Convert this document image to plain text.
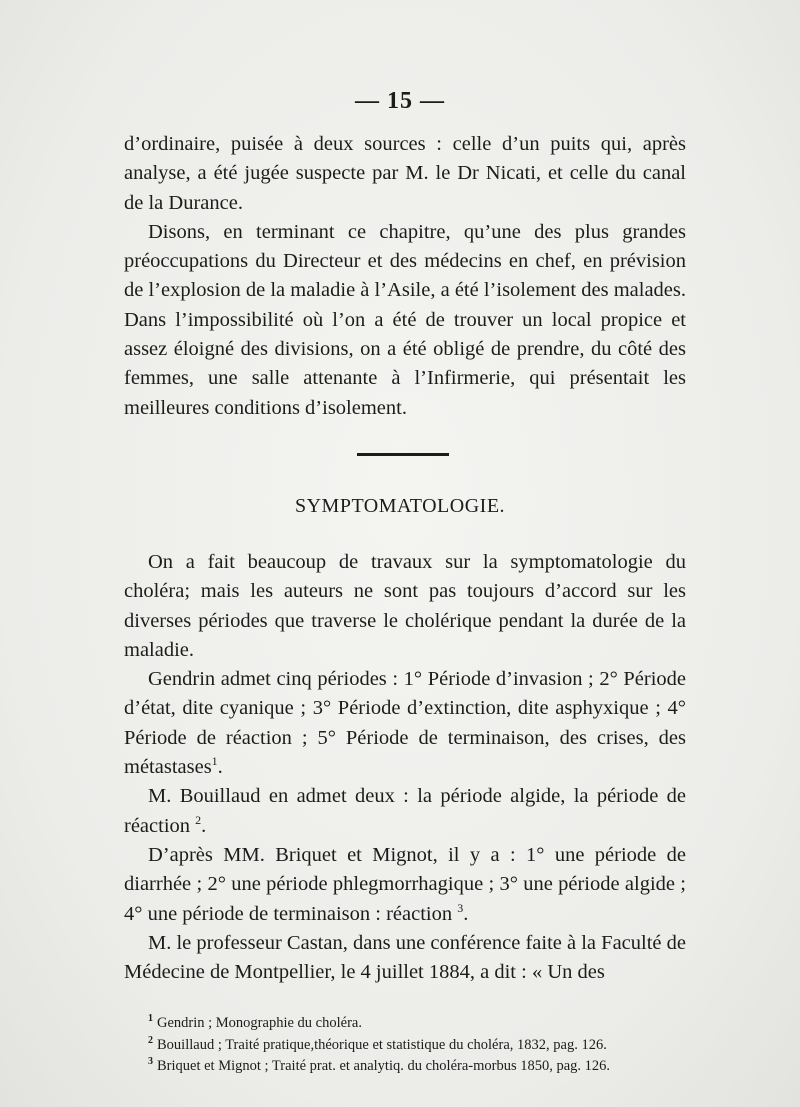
— 15 —

d’ordinaire, puisée à deux sources : celle d’un puits qui, après analyse, a été jugée suspecte par M. le Dr Nicati, et celle du canal de la Durance.

Disons, en terminant ce chapitre, qu’une des plus grandes préoccupations du Directeur et des médecins en chef, en prévision de l’explosion de la maladie à l’Asile, a été l’isolement des malades. Dans l’impossibilité où l’on a été de trouver un local propice et assez éloigné des divisions, on a été obligé de prendre, du côté des femmes, une salle attenante à l’Infirmerie, qui présentait les meilleures conditions d’isolement.

SYMPTOMATOLOGIE.

On a fait beaucoup de travaux sur la symptomatologie du choléra; mais les auteurs ne sont pas toujours d’accord sur les diverses périodes que traverse le cholérique pendant la durée de la maladie.

Gendrin admet cinq périodes : 1° Période d’invasion ; 2° Période d’état, dite cyanique ; 3° Période d’extinction, dite asphyxique ; 4° Période de réaction ; 5° Période de terminaison, des crises, des métastases$^1$.

M. Bouillaud en admet deux : la période algide, la période de réaction $^2$.

D’après MM. Briquet et Mignot, il y a : 1° une période de diarrhée ; 2° une période phlegmorrhagique ; 3° une période algide ; 4° une période de terminaison : réaction $^3$.

M. le professeur Castan, dans une conférence faite à la Faculté de Médecine de Montpellier, le 4 juillet 1884, a dit : « Un des

$^1$ Gendrin ; Monographie du choléra.
$^2$ Bouillaud ; Traité pratique,théorique et statistique du choléra, 1832, pag. 126.
$^3$ Briquet et Mignot ; Traité prat. et analytiq. du choléra-morbus 1850, pag. 126.
